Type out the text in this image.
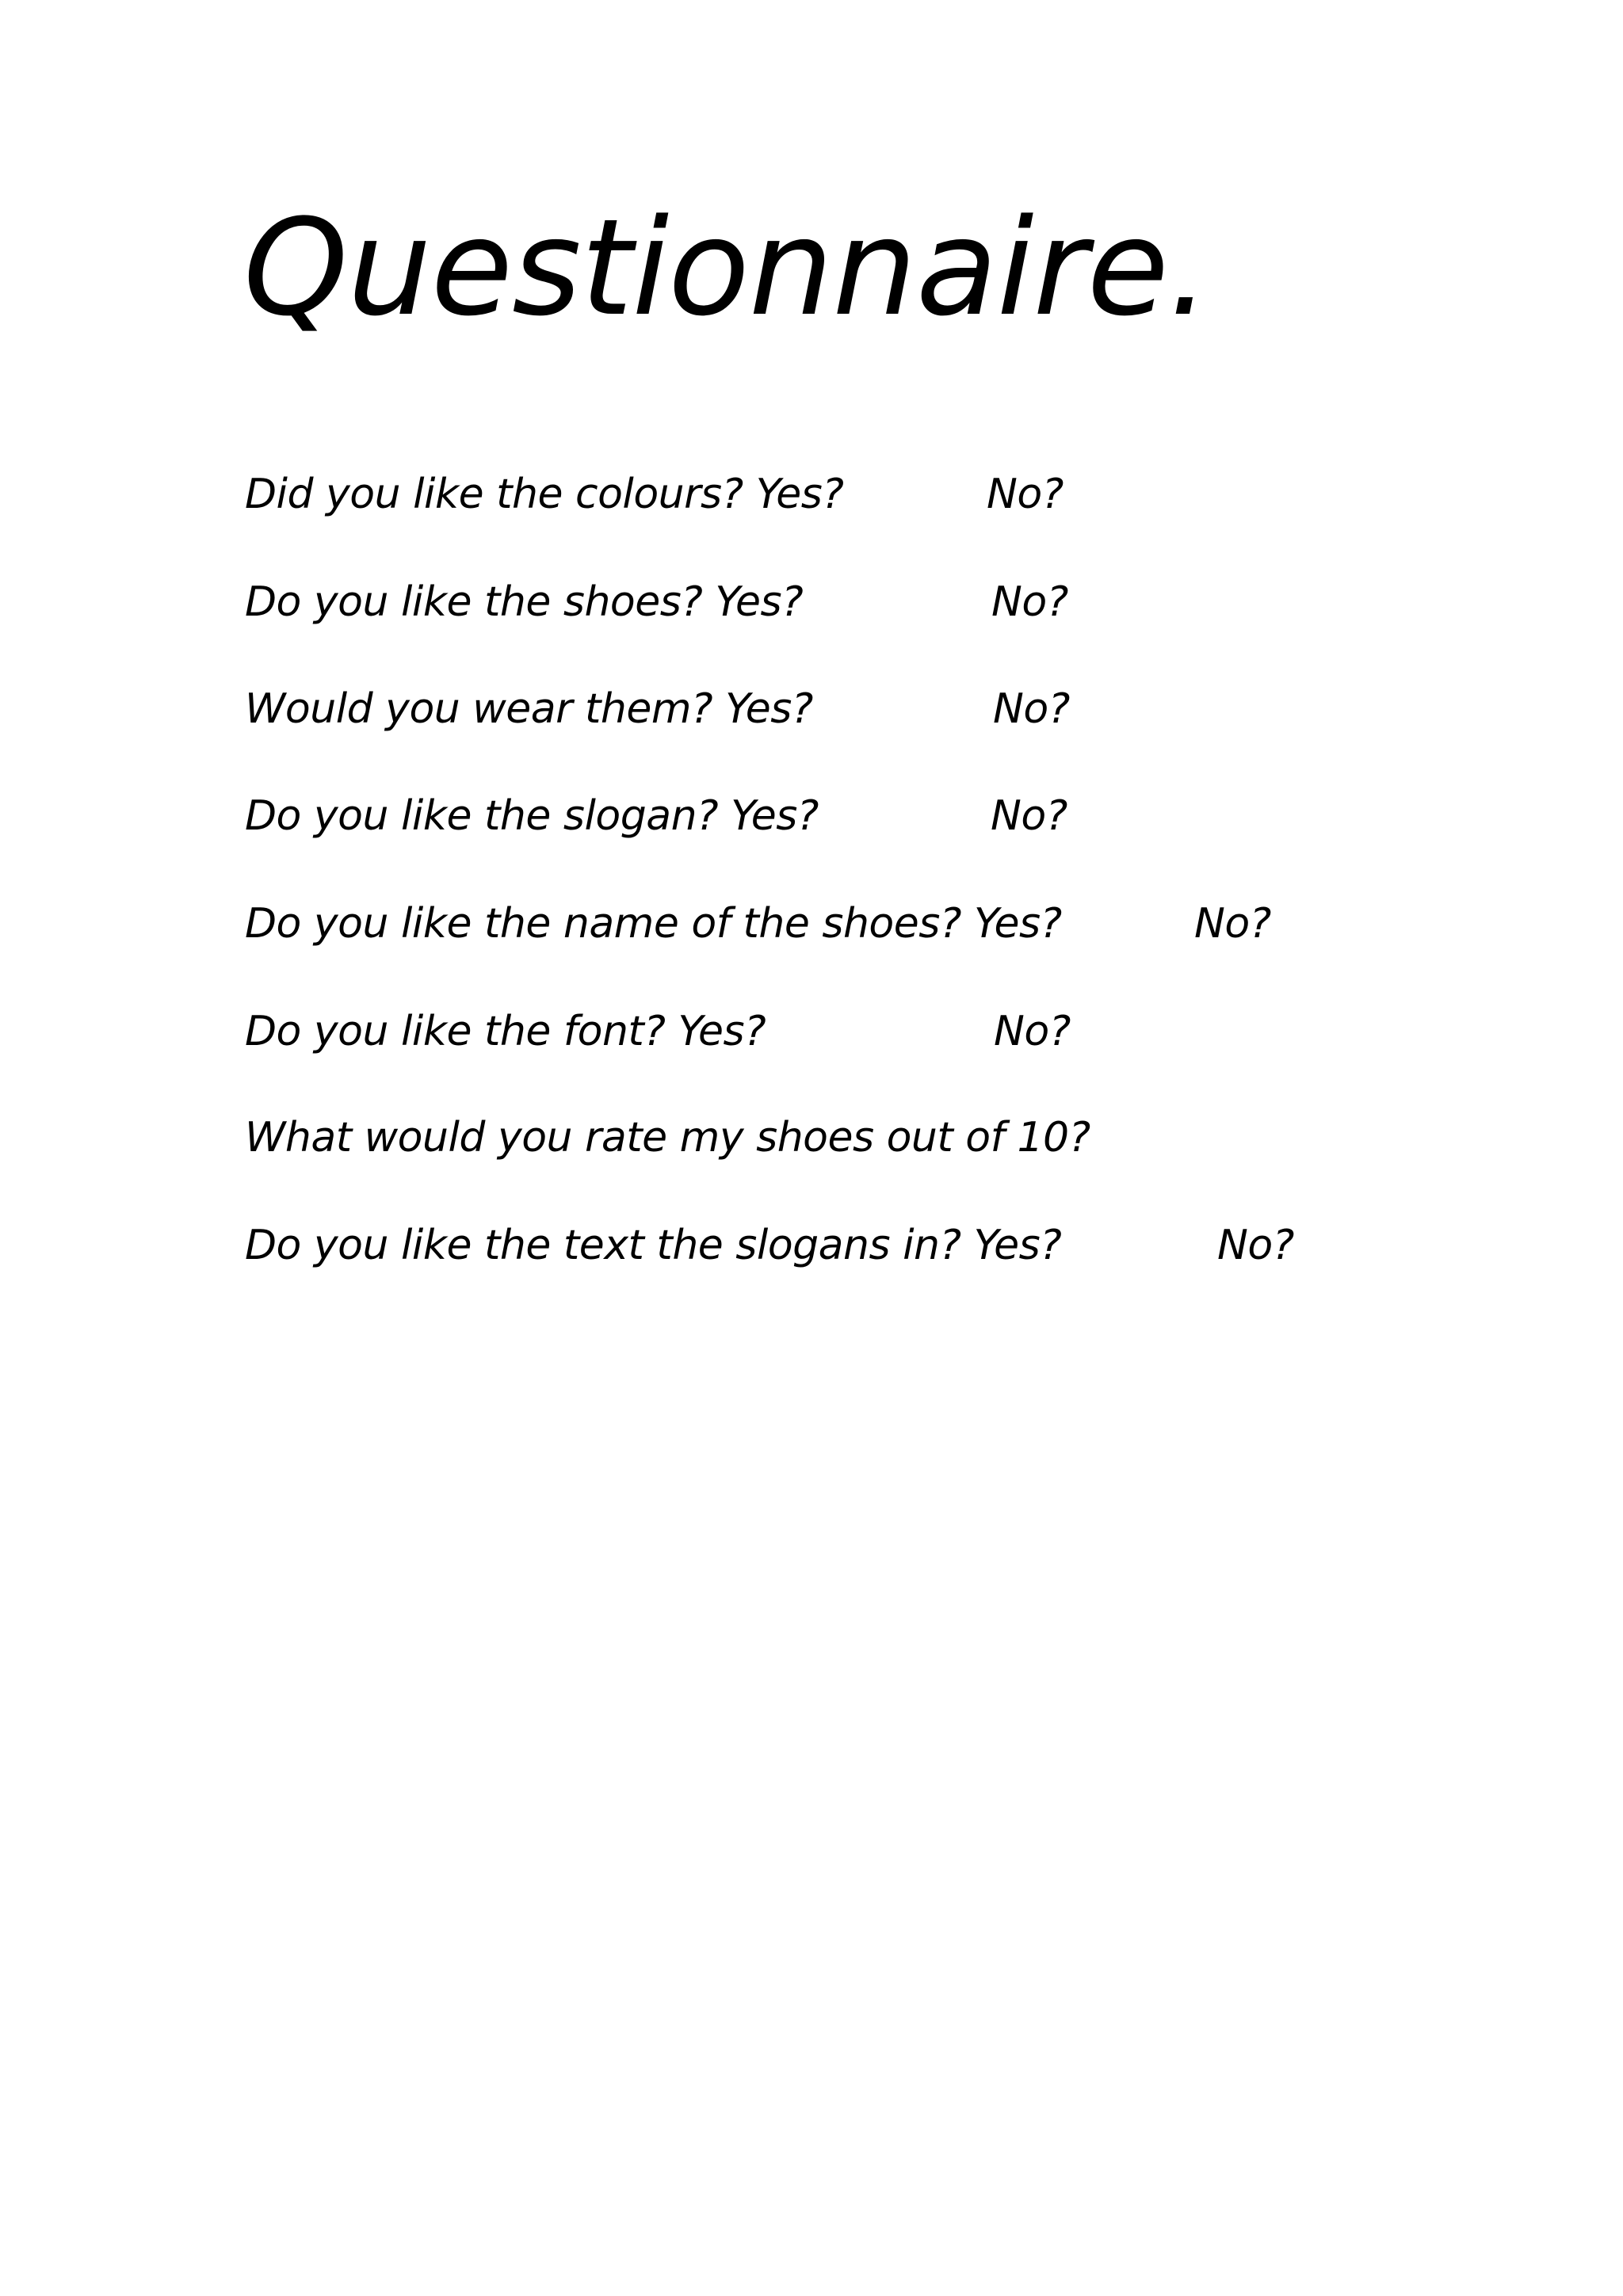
Questionnaire.
Did you like the colours? Yes?	No?
Do you like the shoes? Yes?	No?
Would you wear them? Yes?	No?
Do you like the slogan? Yes?	No?
Do you like the name of the shoes? Yes?	No?
Do you like the font? Yes?	No?
What would you rate my shoes out of 10?
Do you like the text the slogans in? Yes?	No?
